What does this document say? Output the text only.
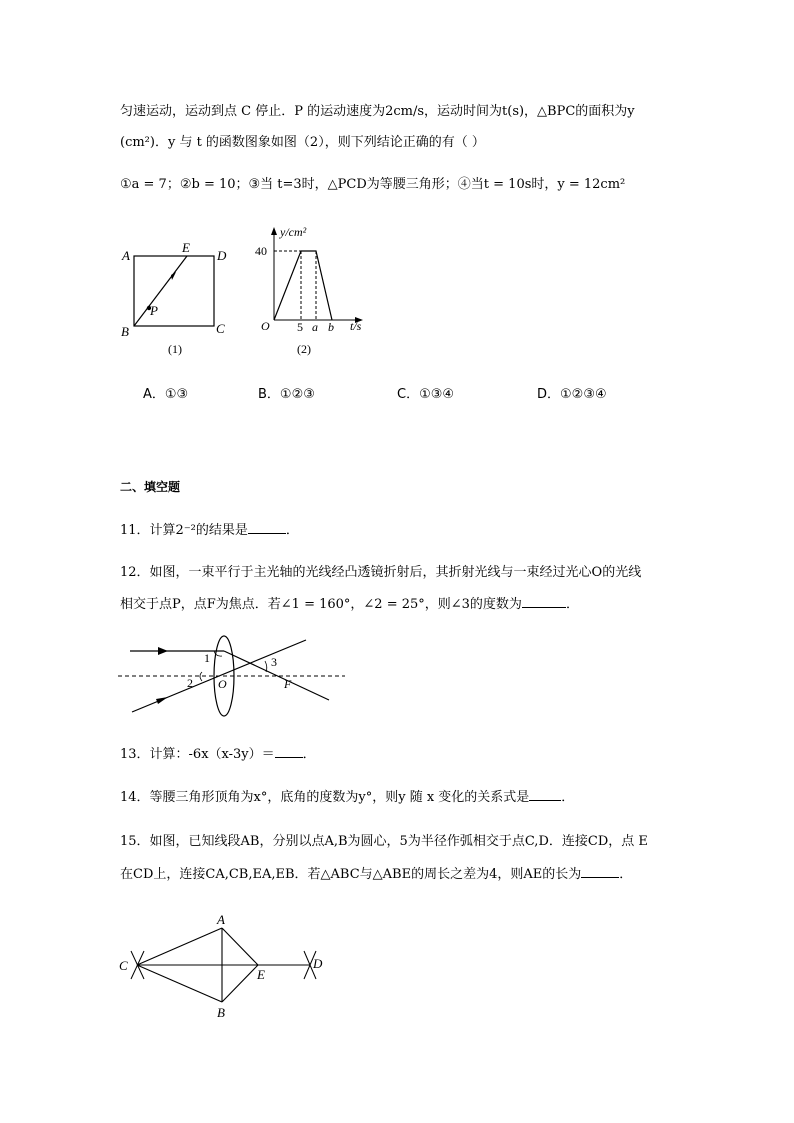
匀速运动，运动到点 C 停止．P 的运动速度为2cm/s，运动时间为t(s)，△BPC的面积为y
(cm²)．y 与 t 的函数图象如图（2），则下列结论正确的有（ ）
①a = 7；②b = 10；③当 t=3时，△PCD为等腰三角形；④当t = 10s时，y = 12cm²
A	D
E
P
B	C
(1)
y/cm²
40
O 5 a b t/s
(2)
A．①③	B．①②③	C．①③④	D．①②③④
二、填空题
11．计算2⁻²的结果是	．
12．如图，一束平行于主光轴的光线经凸透镜折射后，其折射光线与一束经过光心O的光线
相交于点P，点F为焦点．若∠1 = 160°，∠2 = 25°，则∠3的度数为	．
1
2
3
O	F
13．计算：-6x（x-3y）＝ ．
14．等腰三角形顶角为x°，底角的度数为y°，则y 随 x 变化的关系式是 ．
15．如图，已知线段AB，分别以点A,B为圆心，5为半径作弧相交于点C,D．连接CD，点 E
在CD上，连接CA,CB,EA,EB．若△ABC与△ABE的周长之差为4，则AE的长为	．
A
B
C	D
E
